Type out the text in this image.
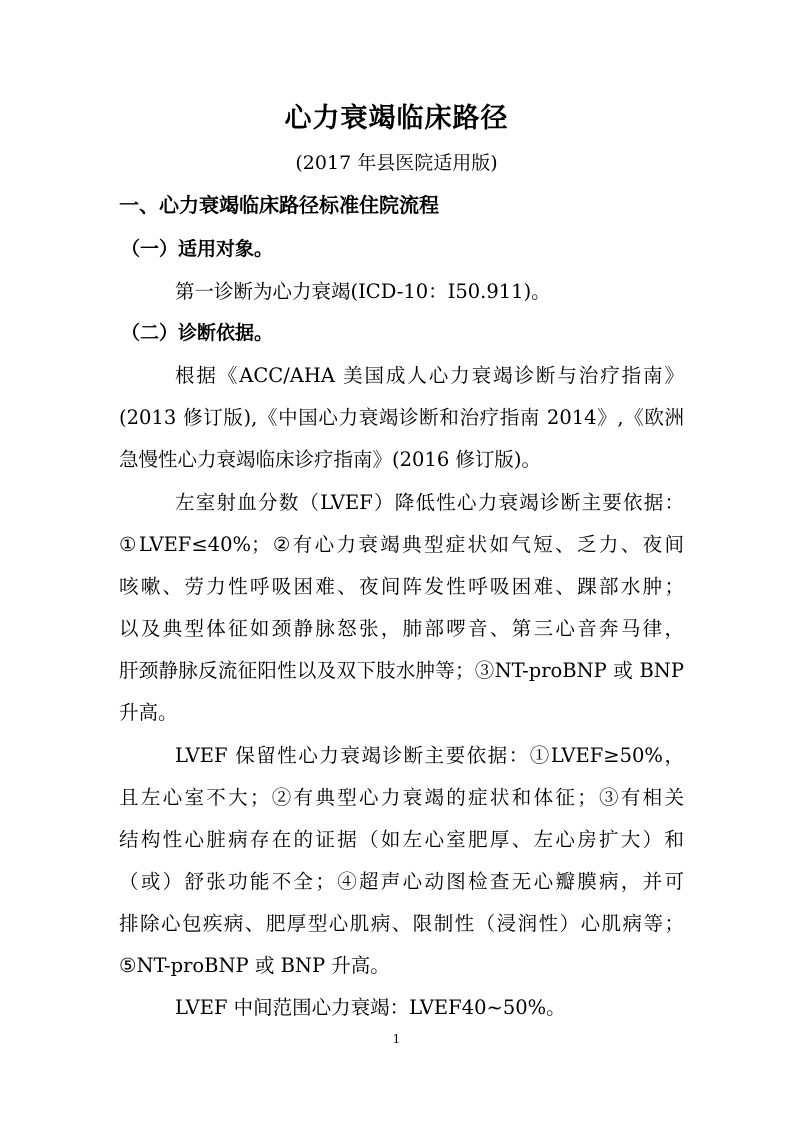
心力衰竭临床路径
(2017 年县医院适用版)
一、心力衰竭临床路径标准住院流程
（一）适用对象。
第一诊断为心力衰竭(ICD-10：I50.911)。
（二）诊断依据。
根据《ACC/AHA 美国成人心力衰竭诊断与治疗指南》
(2013 修订版),《中国心力衰竭诊断和治疗指南 2014》,《欧洲
急慢性心力衰竭临床诊疗指南》(2016 修订版)。
左室射血分数（LVEF）降低性心力衰竭诊断主要依据：
①LVEF≤40%；②有心力衰竭典型症状如气短、乏力、夜间
咳嗽、劳力性呼吸困难、夜间阵发性呼吸困难、踝部水肿；
以及典型体征如颈静脉怒张，肺部啰音、第三心音奔马律，
肝颈静脉反流征阳性以及双下肢水肿等；③NT-proBNP 或 BNP
升高。
LVEF 保留性心力衰竭诊断主要依据：①LVEF≥50%，
且左心室不大；②有典型心力衰竭的症状和体征；③有相关
结构性心脏病存在的证据（如左心室肥厚、左心房扩大）和
（或）舒张功能不全；④超声心动图检查无心瓣膜病，并可
排除心包疾病、肥厚型心肌病、限制性（浸润性）心肌病等；
⑤NT-proBNP 或 BNP 升高。
LVEF 中间范围心力衰竭：LVEF40~50%。
1
